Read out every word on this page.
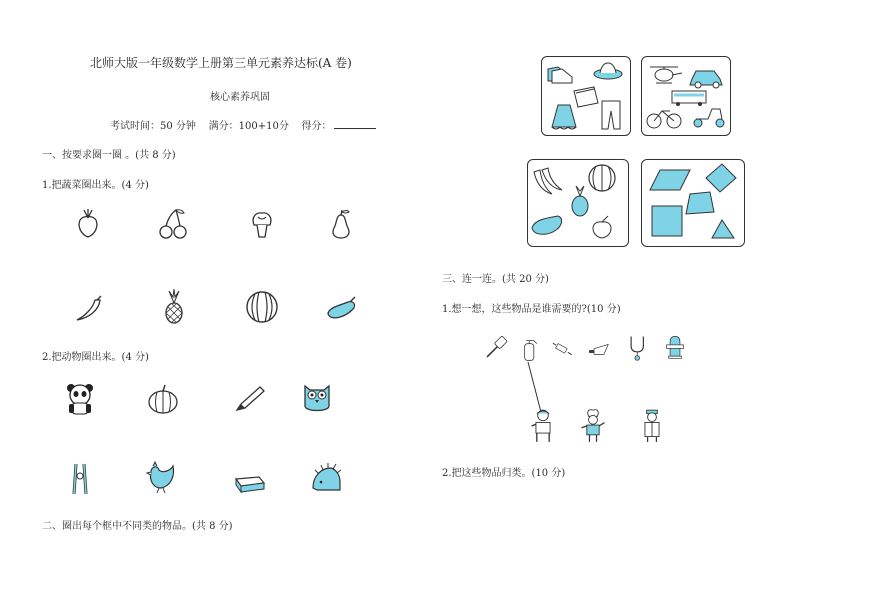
北师大版一年级数学上册第三单元素养达标(A 卷)
核心素养巩固
考试时间：50 分钟 满分：100+10分 得分：
一、按要求圈一圈 。(共 8 分)
1.把蔬菜圈出来。(4 分)
2.把动物圈出来。(4 分)
二、圈出每个框中不同类的物品。(共 8 分)
三、连一连。(共 20 分)
1.想一想，这些物品是谁需要的?(10 分)
2.把这些物品归类。(10 分)
